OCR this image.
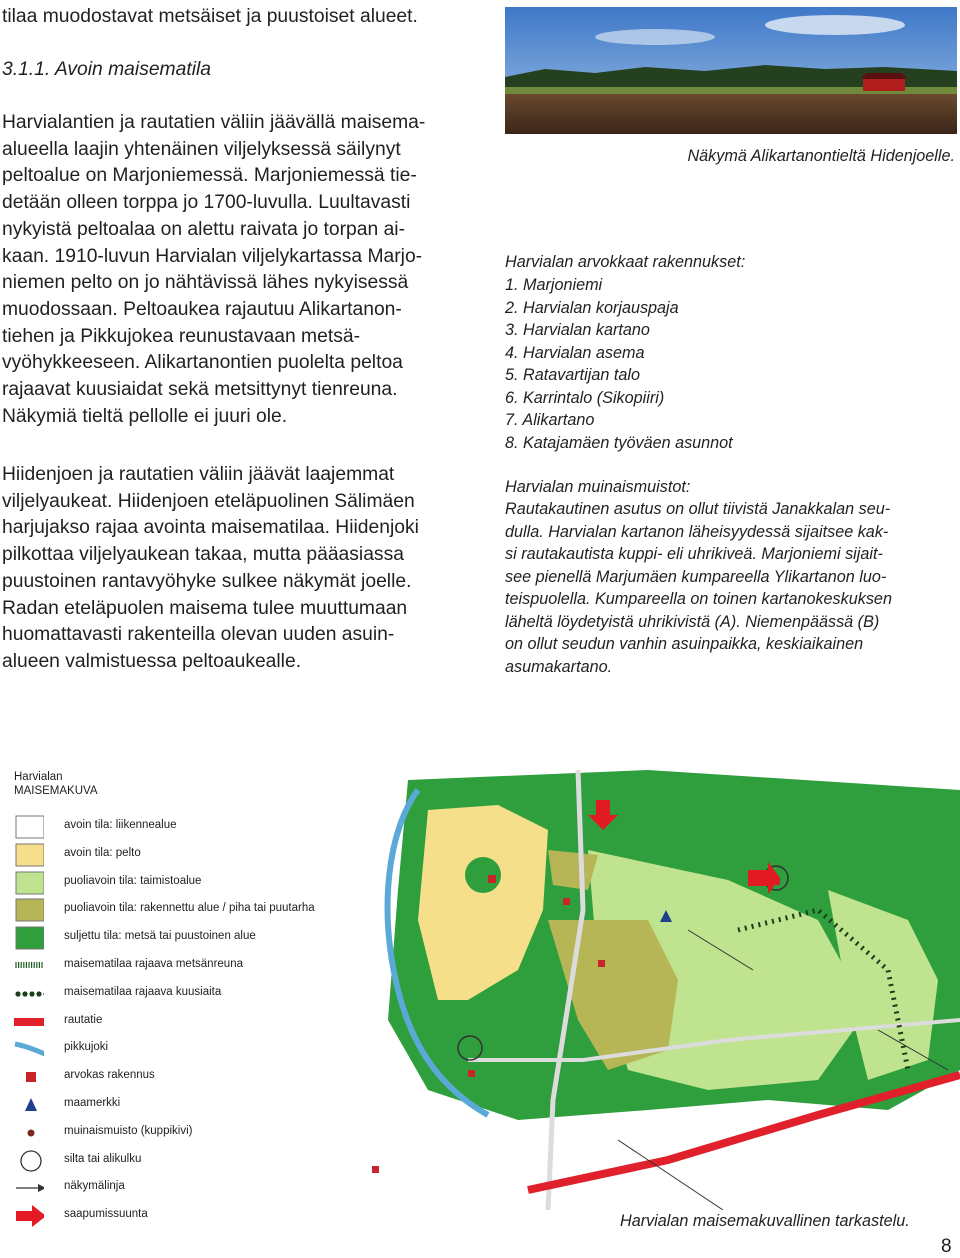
tilaa muodostavat metsäiset ja puustoiset alueet.
3.1.1. Avoin maisematila
Harvialantien ja rautatien väliin jäävällä maisema-
alueella laajin yhtenäinen viljelyksessä säilynyt
peltoalue on Marjoniemessä. Marjoniemessä tie-
detään olleen torppa jo 1700-luvulla. Luultavasti
nykyistä peltoalaa on alettu raivata jo torpan ai-
kaan. 1910-luvun Harvialan viljelykartassa Marjo-
niemen pelto on jo nähtävissä lähes nykyisessä
muodossaan. Peltoaukea rajautuu Alikartanon-
tiehen ja Pikkujokea reunustavaan metsä-
vyöhykkeeseen. Alikartanontien puolelta peltoa
rajaavat kuusiaidat sekä metsittynyt tienreuna.
Näkymiä tieltä pellolle ei juuri ole.
Hiidenjoen ja rautatien väliin jäävät laajemmat
viljelyaukeat. Hiidenjoen eteläpuolinen Sälimäen
harjujakso rajaa avointa maisematilaa. Hiidenjoki
pilkottaa viljelyaukean takaa, mutta pääasiassa
puustoinen rantavyöhyke sulkee näkymät joelle.
Radan eteläpuolen maisema tulee muuttumaan
huomattavasti rakenteilla olevan uuden asuin-
alueen valmistuessa peltoaukealle.
Näkymä Alikartanontieltä Hidenjoelle.
Harvialan arvokkaat rakennukset:
1. Marjoniemi
2. Harvialan korjauspaja
3. Harvialan kartano
4. Harvialan asema
5. Ratavartijan talo
6. Karrintalo (Sikopiiri)
7. Alikartano
8. Katajamäen työväen asunnot
Harvialan muinaismuistot:

Rautakautinen asutus on ollut tiivistä Janakkalan seu-
dulla. Harvialan kartanon läheisyydessä sijaitsee kak-
si rautakautista kuppi- eli uhrikiveä. Marjoniemi sijait-
see pienellä Marjumäen kumpareella Ylikartanon luo-
teispuolella. Kumpareella on toinen kartanokeskuksen
läheltä löydetyistä uhrikivistä (A). Niemenpäässä (B)
on ollut seudun vanhin asuinpaikka, keskiaikainen
asumakartano.

Harvialan
MAISEMAKUVA
avoin tila: liikennealue
avoin tila: pelto
puoliavoin tila: taimistoalue
puoliavoin tila: rakennettu alue / piha tai puutarha
suljettu tila: metsä tai puustoinen alue
maisematilaa rajaava metsänreuna
maisematilaa rajaava kuusiaita
rautatie
pikkujoki
arvokas rakennus
maamerkki
muinaismuisto (kuppikivi)
silta tai alikulku
näkymälinja
saapumissuunta	Harvialan maisemakuvallinen tarkastelu.
8
